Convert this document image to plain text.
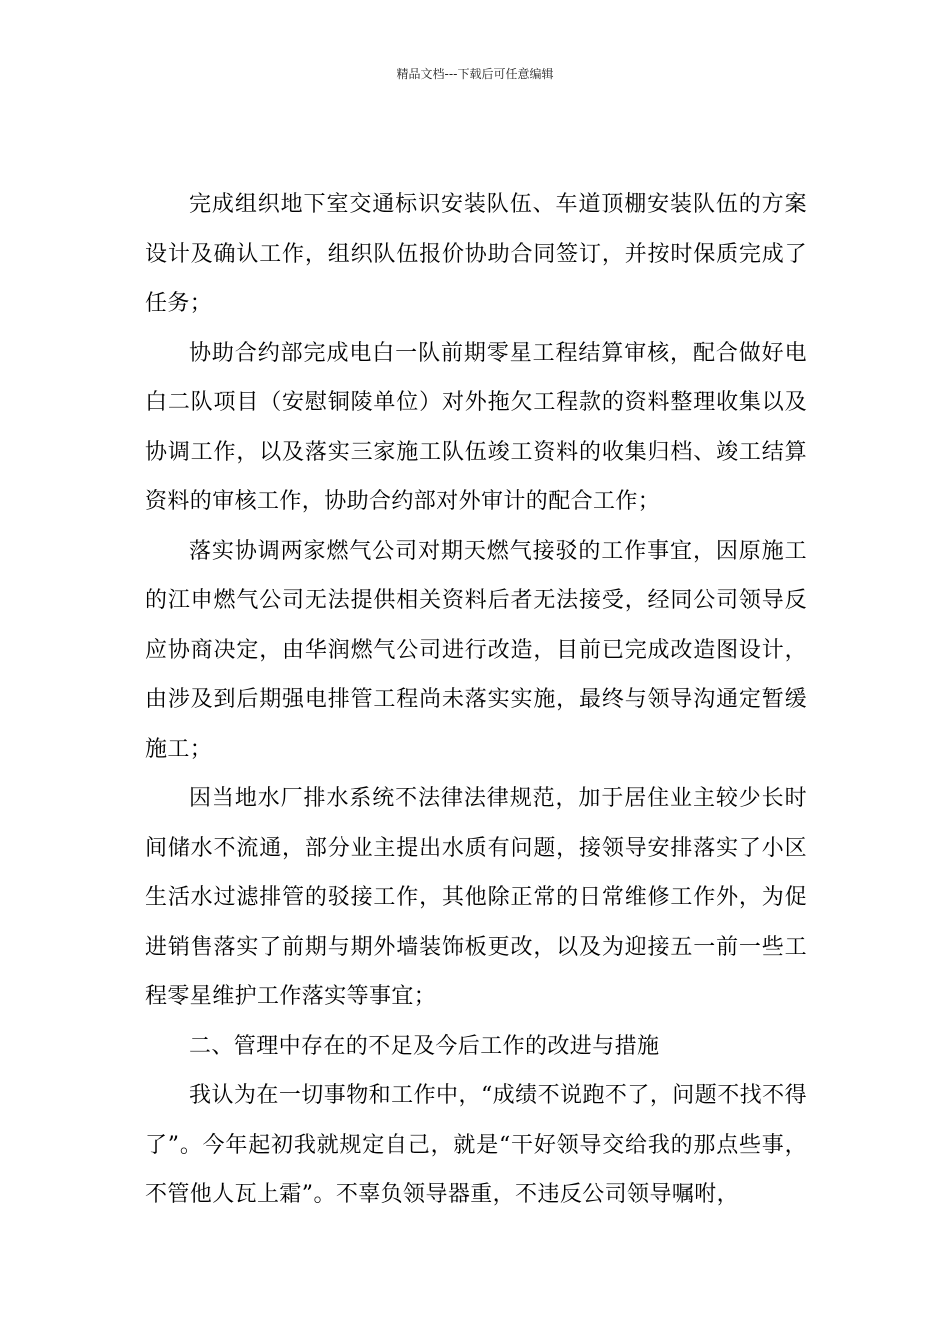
精品文档---下载后可任意编辑

完成组织地下室交通标识安装队伍、车道顶棚安装队伍的方案设计及确认工作，组织队伍报价协助合同签订，并按时保质完成了任务；

协助合约部完成电白一队前期零星工程结算审核，配合做好电白二队项目（安慰铜陵单位）对外拖欠工程款的资料整理收集以及协调工作，以及落实三家施工队伍竣工资料的收集归档、竣工结算资料的审核工作，协助合约部对外审计的配合工作；

落实协调两家燃气公司对期天燃气接驳的工作事宜，因原施工的江申燃气公司无法提供相关资料后者无法接受，经同公司领导反应协商决定，由华润燃气公司进行改造，目前已完成改造图设计，由涉及到后期强电排管工程尚未落实实施，最终与领导沟通定暂缓施工；

因当地水厂排水系统不法律法律规范，加于居住业主较少长时间储水不流通，部分业主提出水质有问题，接领导安排落实了小区生活水过滤排管的驳接工作，其他除正常的日常维修工作外，为促进销售落实了前期与期外墙装饰板更改，以及为迎接五一前一些工程零星维护工作落实等事宜；

二、管理中存在的不足及今后工作的改进与措施

我认为在一切事物和工作中，“成绩不说跑不了，问题不找不得了”。今年起初我就规定自己，就是“干好领导交给我的那点些事，不管他人瓦上霜”。不辜负领导器重，不违反公司领导嘱咐，
